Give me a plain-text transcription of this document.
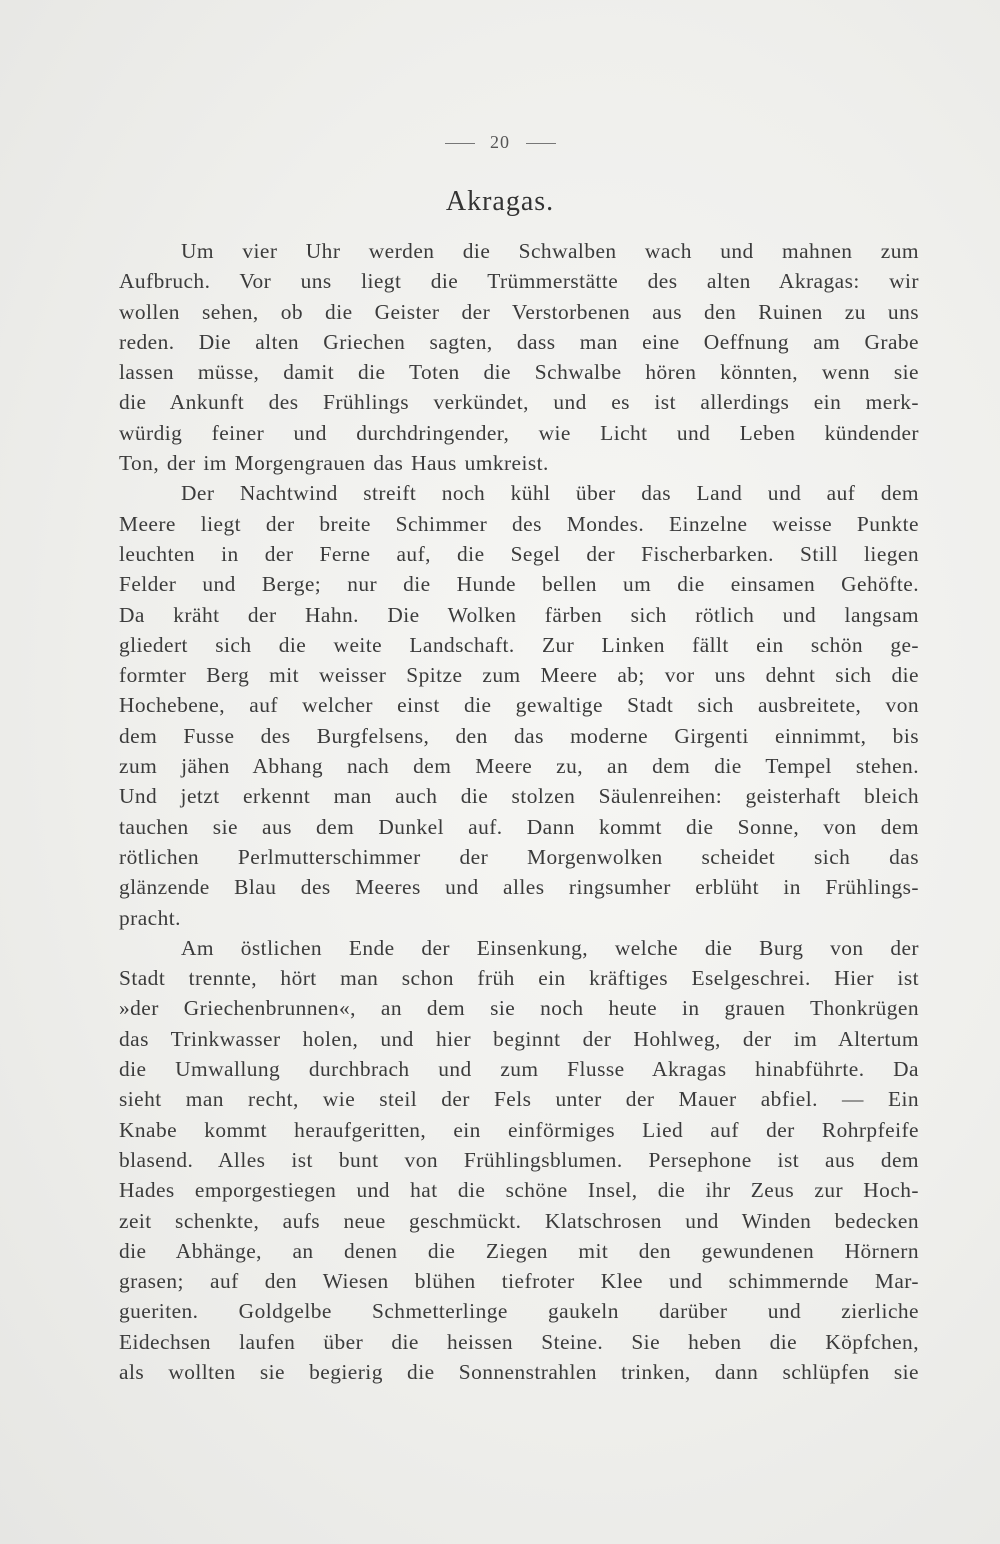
20
Akragas.
Um vier Uhr werden die Schwalben wach und mahnen zum
Aufbruch. Vor uns liegt die Trümmerstätte des alten Akragas: wir
wollen sehen, ob die Geister der Verstorbenen aus den Ruinen zu uns
reden. Die alten Griechen sagten, dass man eine Oeffnung am Grabe
lassen müsse, damit die Toten die Schwalbe hören könnten, wenn sie
die Ankunft des Frühlings verkündet, und es ist allerdings ein merk-
würdig feiner und durchdringender, wie Licht und Leben kündender
Ton, der im Morgengrauen das Haus umkreist.
Der Nachtwind streift noch kühl über das Land und auf dem
Meere liegt der breite Schimmer des Mondes. Einzelne weisse Punkte
leuchten in der Ferne auf, die Segel der Fischerbarken. Still liegen
Felder und Berge; nur die Hunde bellen um die einsamen Gehöfte.
Da kräht der Hahn. Die Wolken färben sich rötlich und langsam
gliedert sich die weite Landschaft. Zur Linken fällt ein schön ge-
formter Berg mit weisser Spitze zum Meere ab; vor uns dehnt sich die
Hochebene, auf welcher einst die gewaltige Stadt sich ausbreitete, von
dem Fusse des Burgfelsens, den das moderne Girgenti einnimmt, bis
zum jähen Abhang nach dem Meere zu, an dem die Tempel stehen.
Und jetzt erkennt man auch die stolzen Säulenreihen: geisterhaft bleich
tauchen sie aus dem Dunkel auf. Dann kommt die Sonne, von dem
rötlichen Perlmutterschimmer der Morgenwolken scheidet sich das
glänzende Blau des Meeres und alles ringsumher erblüht in Frühlings-
pracht.
Am östlichen Ende der Einsenkung, welche die Burg von der
Stadt trennte, hört man schon früh ein kräftiges Eselgeschrei. Hier ist
»der Griechenbrunnen«, an dem sie noch heute in grauen Thonkrügen
das Trinkwasser holen, und hier beginnt der Hohlweg, der im Altertum
die Umwallung durchbrach und zum Flusse Akragas hinabführte. Da
sieht man recht, wie steil der Fels unter der Mauer abfiel. — Ein
Knabe kommt heraufgeritten, ein einförmiges Lied auf der Rohrpfeife
blasend. Alles ist bunt von Frühlingsblumen. Persephone ist aus dem
Hades emporgestiegen und hat die schöne Insel, die ihr Zeus zur Hoch-
zeit schenkte, aufs neue geschmückt. Klatschrosen und Winden bedecken
die Abhänge, an denen die Ziegen mit den gewundenen Hörnern
grasen; auf den Wiesen blühen tiefroter Klee und schimmernde Mar-
gueriten. Goldgelbe Schmetterlinge gaukeln darüber und zierliche
Eidechsen laufen über die heissen Steine. Sie heben die Köpfchen,
als wollten sie begierig die Sonnenstrahlen trinken, dann schlüpfen sie
